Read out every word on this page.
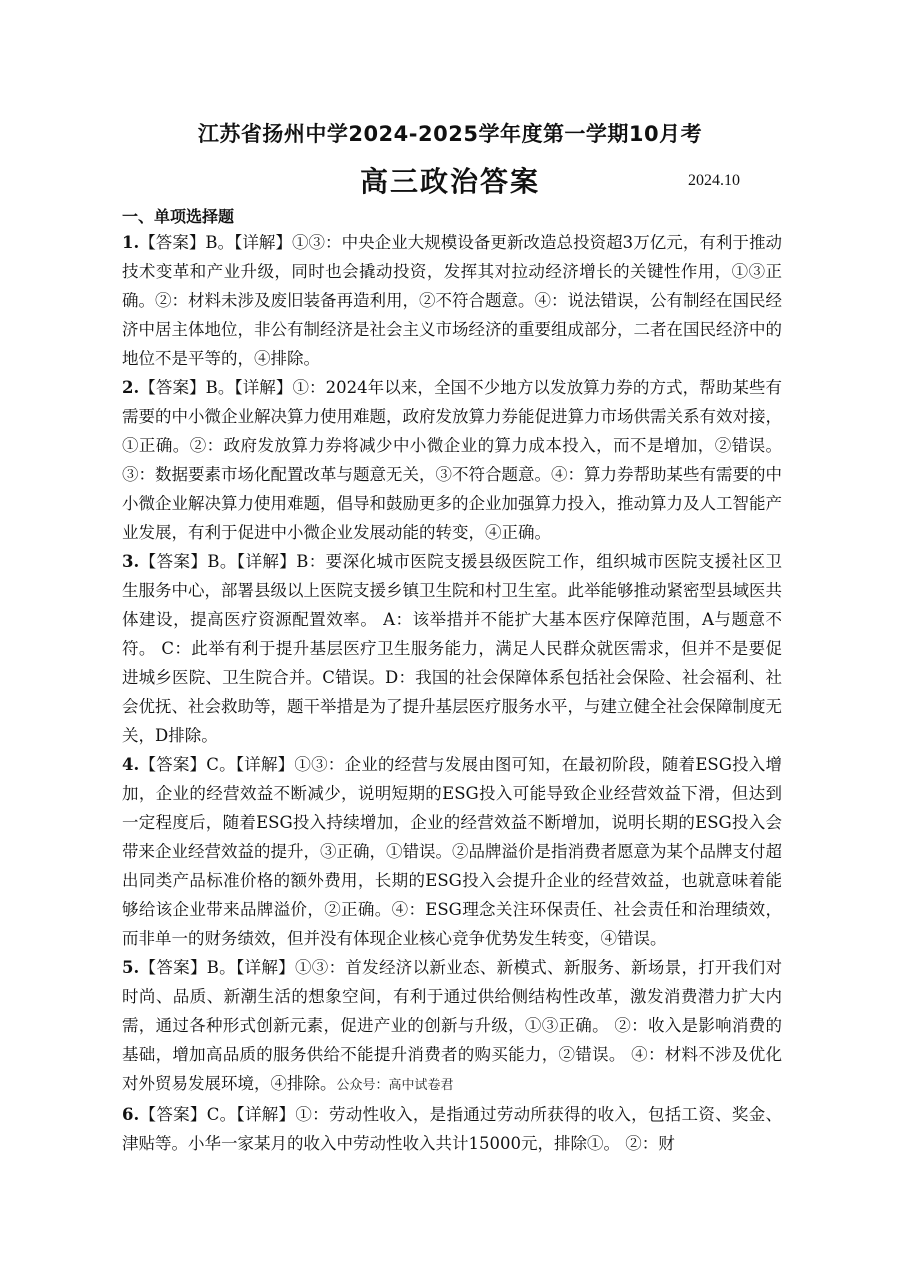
江苏省扬州中学2024-2025学年度第一学期10月考
高三政治答案	2024.10
一、单项选择题

1.【答案】B。【详解】①③：中央企业大规模设备更新改造总投资超3万亿元，有利于推动技术变革和产业升级，同时也会撬动投资，发挥其对拉动经济增长的关键性作用，①③正确。②：材料未涉及废旧装备再造利用，②不符合题意。④：说法错误，公有制经在国民经济中居主体地位，非公有制经济是社会主义市场经济的重要组成部分，二者在国民经济中的地位不是平等的，④排除。

2.【答案】B。【详解】①：2024年以来，全国不少地方以发放算力券的方式，帮助某些有需要的中小微企业解决算力使用难题，政府发放算力券能促进算力市场供需关系有效对接，①正确。②：政府发放算力券将减少中小微企业的算力成本投入，而不是增加，②错误。③：数据要素市场化配置改革与题意无关，③不符合题意。④：算力券帮助某些有需要的中小微企业解决算力使用难题，倡导和鼓励更多的企业加强算力投入，推动算力及人工智能产业发展，有利于促进中小微企业发展动能的转变，④正确。

3.【答案】B。【详解】B：要深化城市医院支援县级医院工作，组织城市医院支援社区卫生服务中心，部署县级以上医院支援乡镇卫生院和村卫生室。此举能够推动紧密型县域医共体建设，提高医疗资源配置效率。 A：该举措并不能扩大基本医疗保障范围，A与题意不符。 C：此举有利于提升基层医疗卫生服务能力，满足人民群众就医需求，但并不是要促进城乡医院、卫生院合并。C错误。D：我国的社会保障体系包括社会保险、社会福利、社会优抚、社会救助等，题干举措是为了提升基层医疗服务水平，与建立健全社会保障制度无关，D排除。

4.【答案】C。【详解】①③：企业的经营与发展由图可知，在最初阶段，随着ESG投入增加，企业的经营效益不断减少，说明短期的ESG投入可能导致企业经营效益下滑，但达到一定程度后，随着ESG投入持续增加，企业的经营效益不断增加，说明长期的ESG投入会带来企业经营效益的提升，③正确，①错误。②品牌溢价是指消费者愿意为某个品牌支付超出同类产品标准价格的额外费用，长期的ESG投入会提升企业的经营效益，也就意味着能够给该企业带来品牌溢价，②正确。④：ESG理念关注环保责任、社会责任和治理绩效，而非单一的财务绩效，但并没有体现企业核心竞争优势发生转变，④错误。

5.【答案】B。【详解】①③：首发经济以新业态、新模式、新服务、新场景，打开我们对时尚、品质、新潮生活的想象空间，有利于通过供给侧结构性改革，激发消费潜力扩大内需，通过各种形式创新元素，促进产业的创新与升级，①③正确。 ②：收入是影响消费的基础，增加高品质的服务供给不能提升消费者的购买能力，②错误。 ④：材料不涉及优化对外贸易发展环境，④排除。公众号：高中试卷君

6.【答案】C。【详解】①：劳动性收入，是指通过劳动所获得的收入，包括工资、奖金、津贴等。小华一家某月的收入中劳动性收入共计15000元，排除①。 ②：财
